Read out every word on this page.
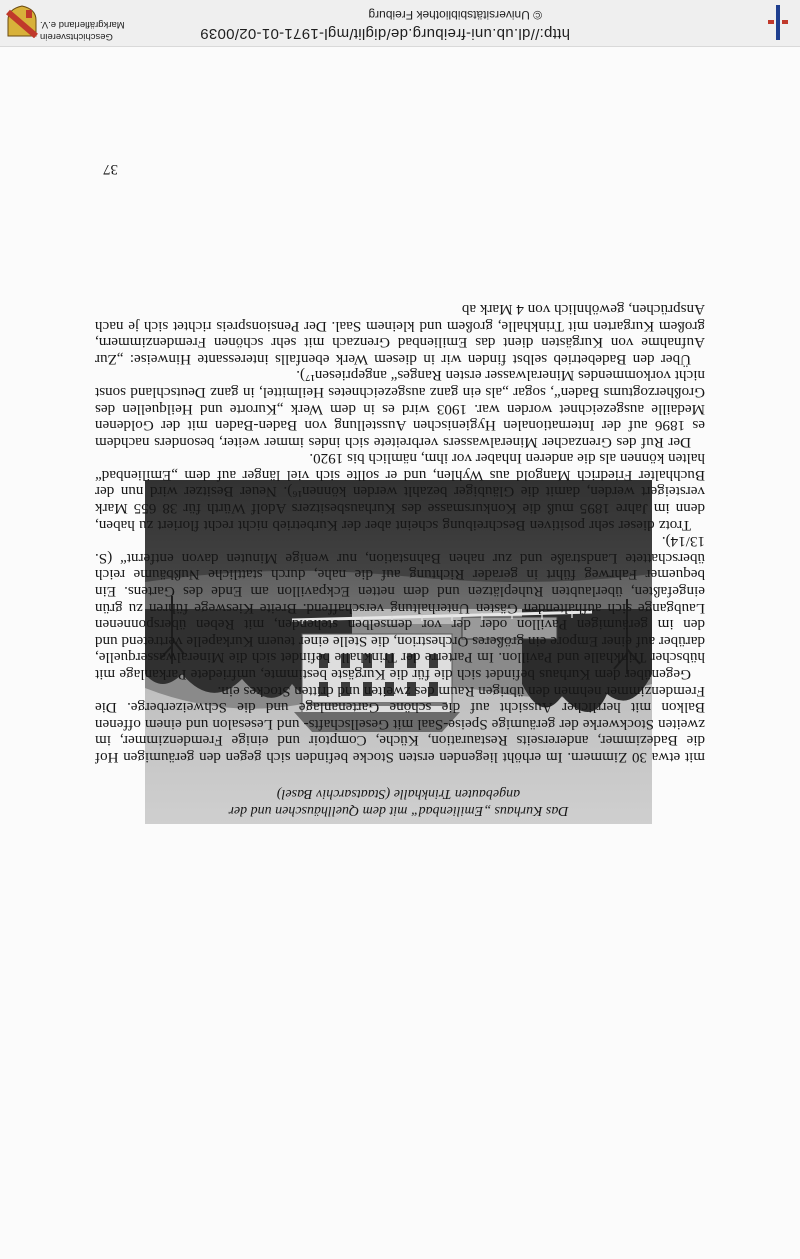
Das Kurhaus „Emilienbad“ mit dem Quellhäuschen und der
angebauten Trinkhalle (Staatsarchiv Basel)

mit etwa 30 Zimmern. Im erhöht liegenden ersten Stocke befinden sich gegen den geräumigen Hof die Badezimmer, andererseits Restauration, Küche, Comptoir und einige Fremdenzimmer, im zweiten Stockwerke der geräumige Speise-Saal mit Gesellschafts- und Lesesalon und einem offenen Balkon mit herrlicher Aussicht auf die schöne Gartenanlage und die Schweizerberge. Die Fremdenzimmer nehmen den übrigen Raum des zweiten und dritten Stockes ein.

Gegenüber dem Kurhaus befindet sich die für die Kurgäste bestimmte, umfriedete Parkanlage mit hübscher Trinkhalle und Pavillon. Im Parterre der Trinkhalle befindet sich die Mineralwasserquelle, darüber auf einer Empore ein größeres Orchestrion, die Stelle einer teuern Kurkapelle vertretend und den im geräumigen Pavillon oder der vor demselben stehenden, mit Reben übersponnenen Laubgange sich aufhaltenden Gästen Unterhaltung verschaffend. Breite Kieswege führen zu grün eingefaßten, überlaubten Ruheplätzen und dem netten Eckpavillon am Ende des Gartens. Ein bequemer Fahrweg führt in gerader Richtung auf die nahe, durch stattliche Nußbäume reich überschattete Landstraße und zur nahen Bahnstation, nur wenige Minuten davon entfernt“ (S. 13/14).

Trotz dieser sehr positiven Beschreibung scheint aber der Kurbetrieb nicht recht floriert zu haben, denn im Jahre 1895 muß die Konkursmasse des Kurhausbesitzers Adolf Würth für 38 655 Mark versteigert werden, damit die Gläubiger bezahlt werden können¹⁶). Neuer Besitzer wird nun der Buchhalter Friedrich Mangold aus Wyhlen, und er sollte sich viel länger auf dem „Emilienbad“ halten können als die anderen Inhaber vor ihm, nämlich bis 1920.

Der Ruf des Grenzacher Mineralwassers verbreitete sich indes immer weiter, besonders nachdem es 1896 auf der Internationalen Hygienischen Ausstellung von Baden-Baden mit der Goldenen Medaille ausgezeichnet worden war. 1903 wird es in dem Werk „Kurorte und Heilquellen des Großherzogtums Baden“, sogar „als ein ganz ausgezeichnetes Heilmittel, in ganz Deutschland sonst nicht vorkommendes Mineralwasser ersten Ranges“ angepriesen¹⁷).

Über den Badebetrieb selbst finden wir in diesem Werk ebenfalls interessante Hinweise: „Zur Aufnahme von Kurgästen dient das Emilienbad Grenzach mit sehr schönen Fremdenzimmern, großem Kurgarten mit Trinkhalle, großem und kleinem Saal. Der Pensionspreis richtet sich je nach Ansprüchen, gewöhnlich von 4 Mark ab

37
Geschichtsverein Markgräflerland e.V.
http://dl.ub.uni-freiburg.de/diglit/mgl-1971-01-02/0039
© Universitätsbibliothek Freiburg
